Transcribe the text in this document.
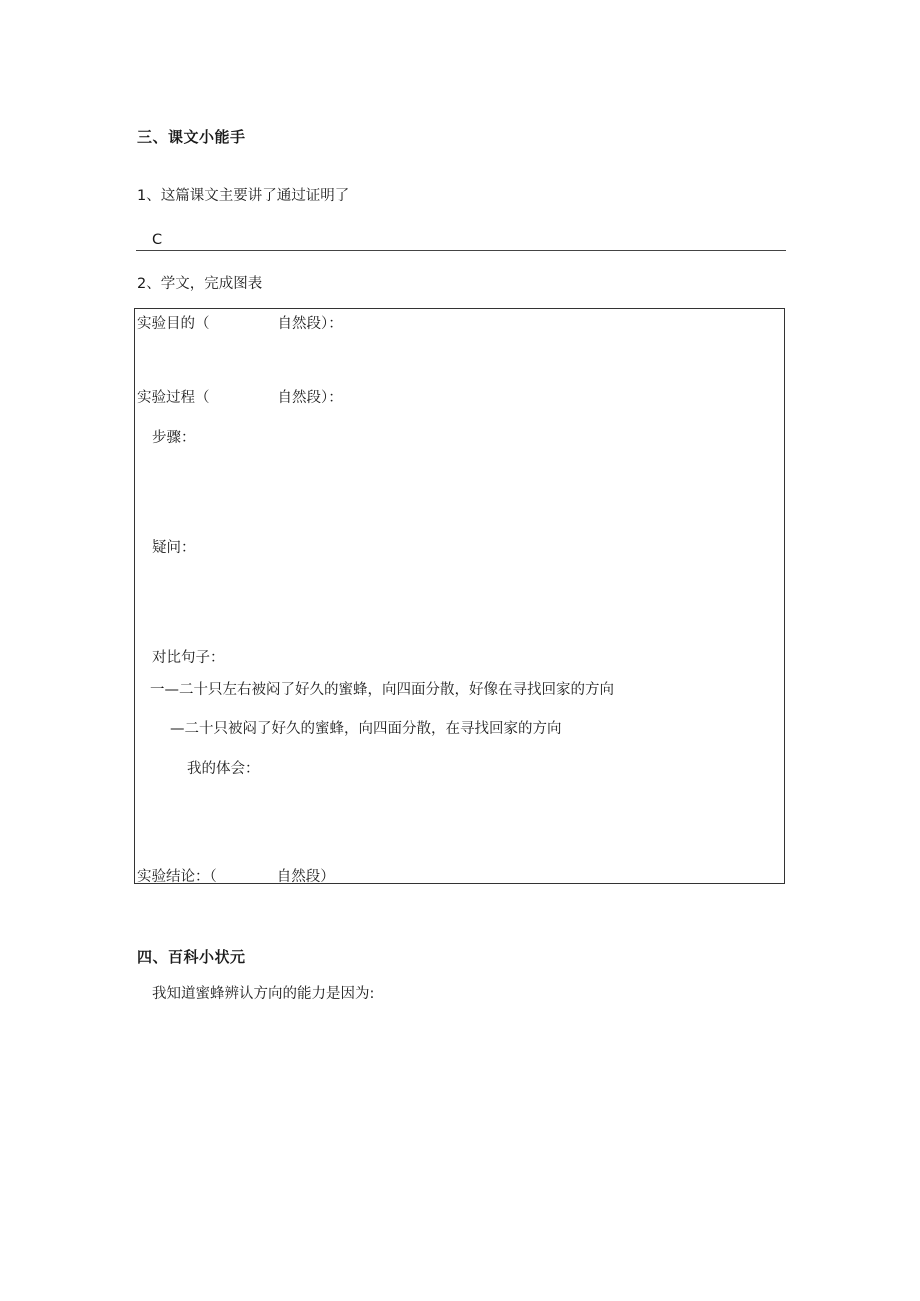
三、课文小能手
1、这篇课文主要讲了通过证明了
C
2、学文，完成图表
实验目的（	自然段）：
实验过程（	自然段）：
步骤：
疑问：
对比句子：
一—二十只左右被闷了好久的蜜蜂，向四面分散，好像在寻找回家的方向
—二十只被闷了好久的蜜蜂，向四面分散，在寻找回家的方向
我的体会：
实验结论：（	自然段）
四、百科小状元
我知道蜜蜂辨认方向的能力是因为:
